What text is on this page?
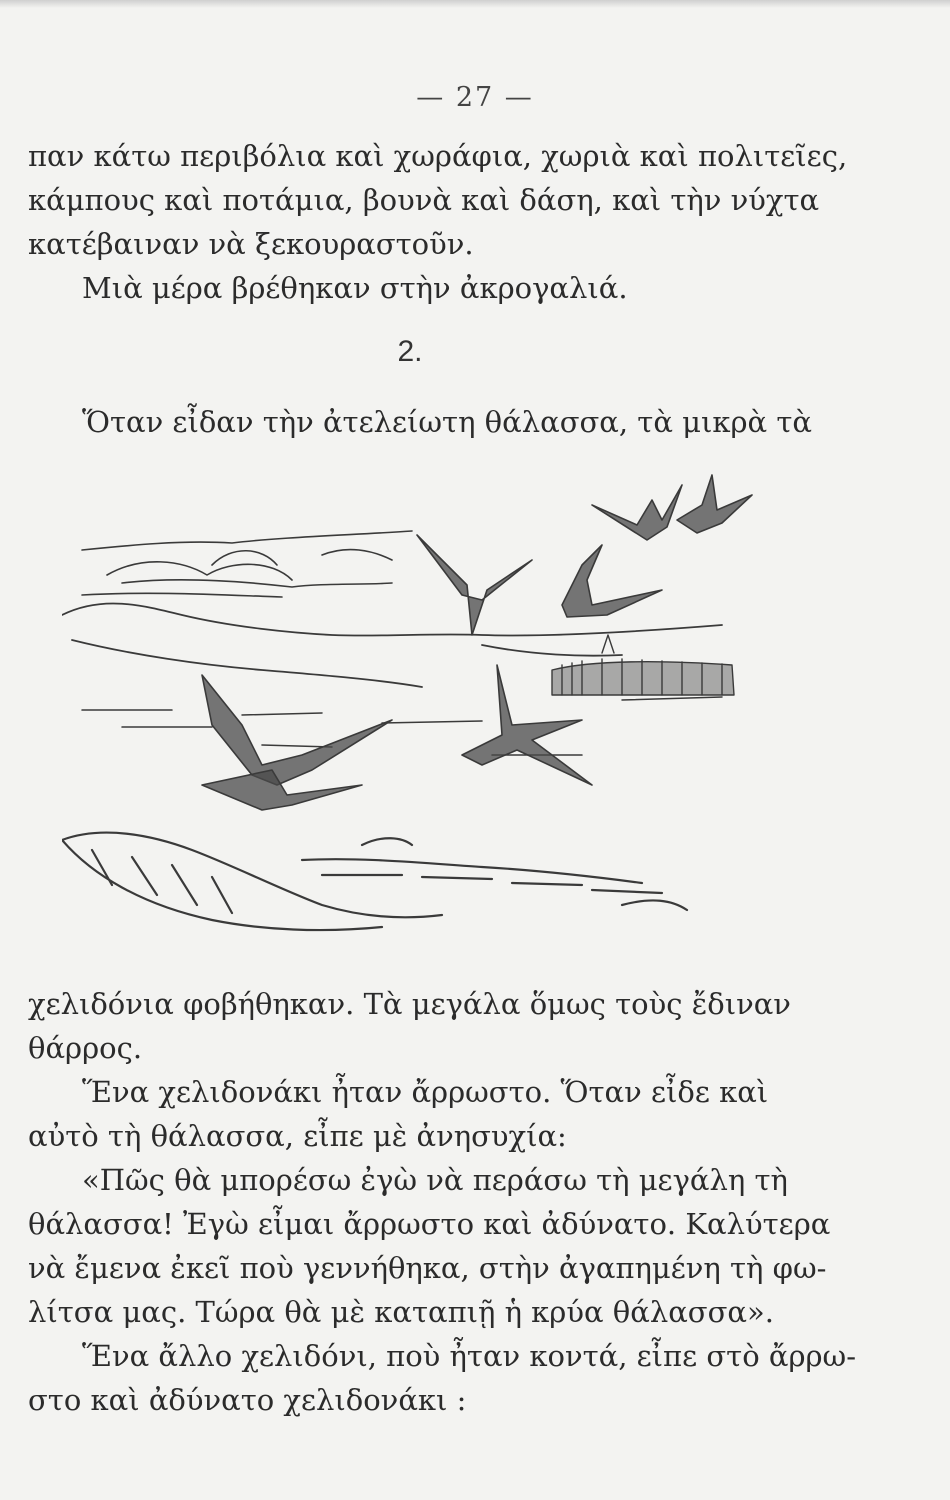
— 27 —
παν κάτω περιβόλια καὶ χωράφια, χωριὰ καὶ πολιτεῖες,
κάμπους καὶ ποτάμια, βουνὰ καὶ δάση, καὶ τὴν νύχτα
κατέβαιναν νὰ ξεκουραστοῦν.
Μιὰ μέρα βρέθηκαν στὴν ἀκρογαλιά.
2.
Ὅταν εἶδαν τὴν ἀτελείωτη θάλασσα, τὰ μικρὰ τὰ
χελιδόνια φοβήθηκαν. Τὰ μεγάλα ὅμως τοὺς ἔδιναν
θάρρος.
Ἕνα χελιδονάκι ἦταν ἄρρωστο. Ὅταν εἶδε καὶ
αὐτὸ τὴ θάλασσα, εἶπε μὲ ἀνησυχία:
«Πῶς θὰ μπορέσω ἐγὼ νὰ περάσω τὴ μεγάλη τὴ
θάλασσα! Ἐγὼ εἶμαι ἄρρωστο καὶ ἀδύνατο. Καλύτερα
νὰ ἔμενα ἐκεῖ ποὺ γεννήθηκα, στὴν ἀγαπημένη τὴ φω-
λίτσα μας. Τώρα θὰ μὲ καταπιῇ ἡ κρύα θάλασσα».
Ἕνα ἄλλο χελιδόνι, ποὺ ἦταν κοντά, εἶπε στὸ ἄρρω-
στο καὶ ἀδύνατο χελιδονάκι :
